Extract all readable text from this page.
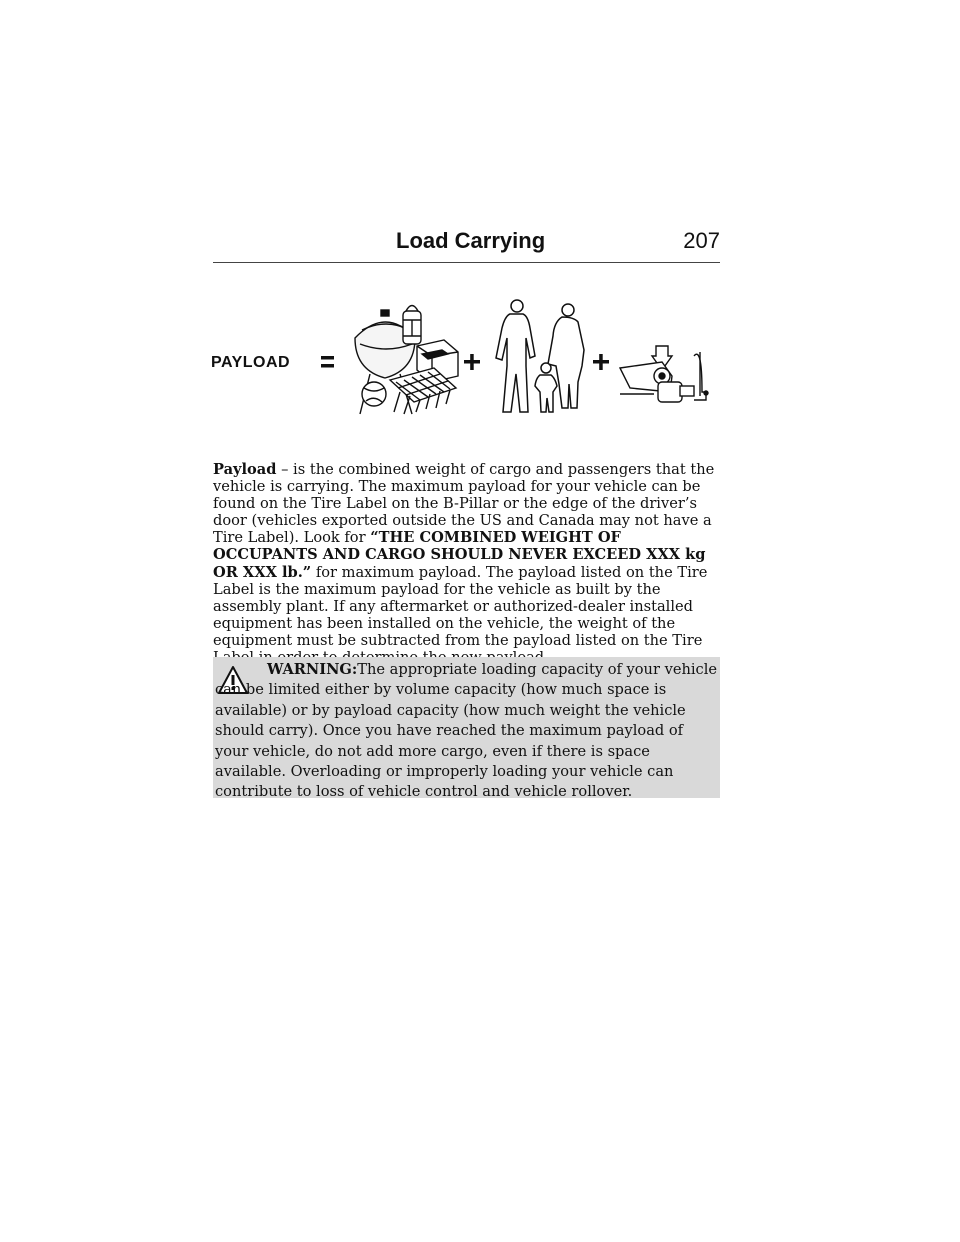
Load Carrying	207
PAYLOAD

Payload – is the combined weight of cargo and passengers that the vehicle is carrying. The maximum payload for your vehicle can be found on the Tire Label on the B-Pillar or the edge of the driver’s door (vehicles exported outside the US and Canada may not have a Tire Label). Look for “THE COMBINED WEIGHT OF OCCUPANTS AND CARGO SHOULD NEVER EXCEED XXX kg OR XXX lb.” for maximum payload. The payload listed on the Tire Label is the maximum payload for the vehicle as built by the assembly plant. If any aftermarket or authorized-dealer installed equipment has been installed on the vehicle, the weight of the equipment must be subtracted from the payload listed on the Tire

WARNING:The appropriate loading capacity of your vehicle can be limited either by volume capacity (how much space is available) or by payload capacity (how much weight the vehicle should carry). Once you have reached the maximum payload of your vehicle, do not add more cargo, even if there is space available. Overloading or improperly loading your vehicle can contribute to loss of vehicle control and vehicle rollover.
